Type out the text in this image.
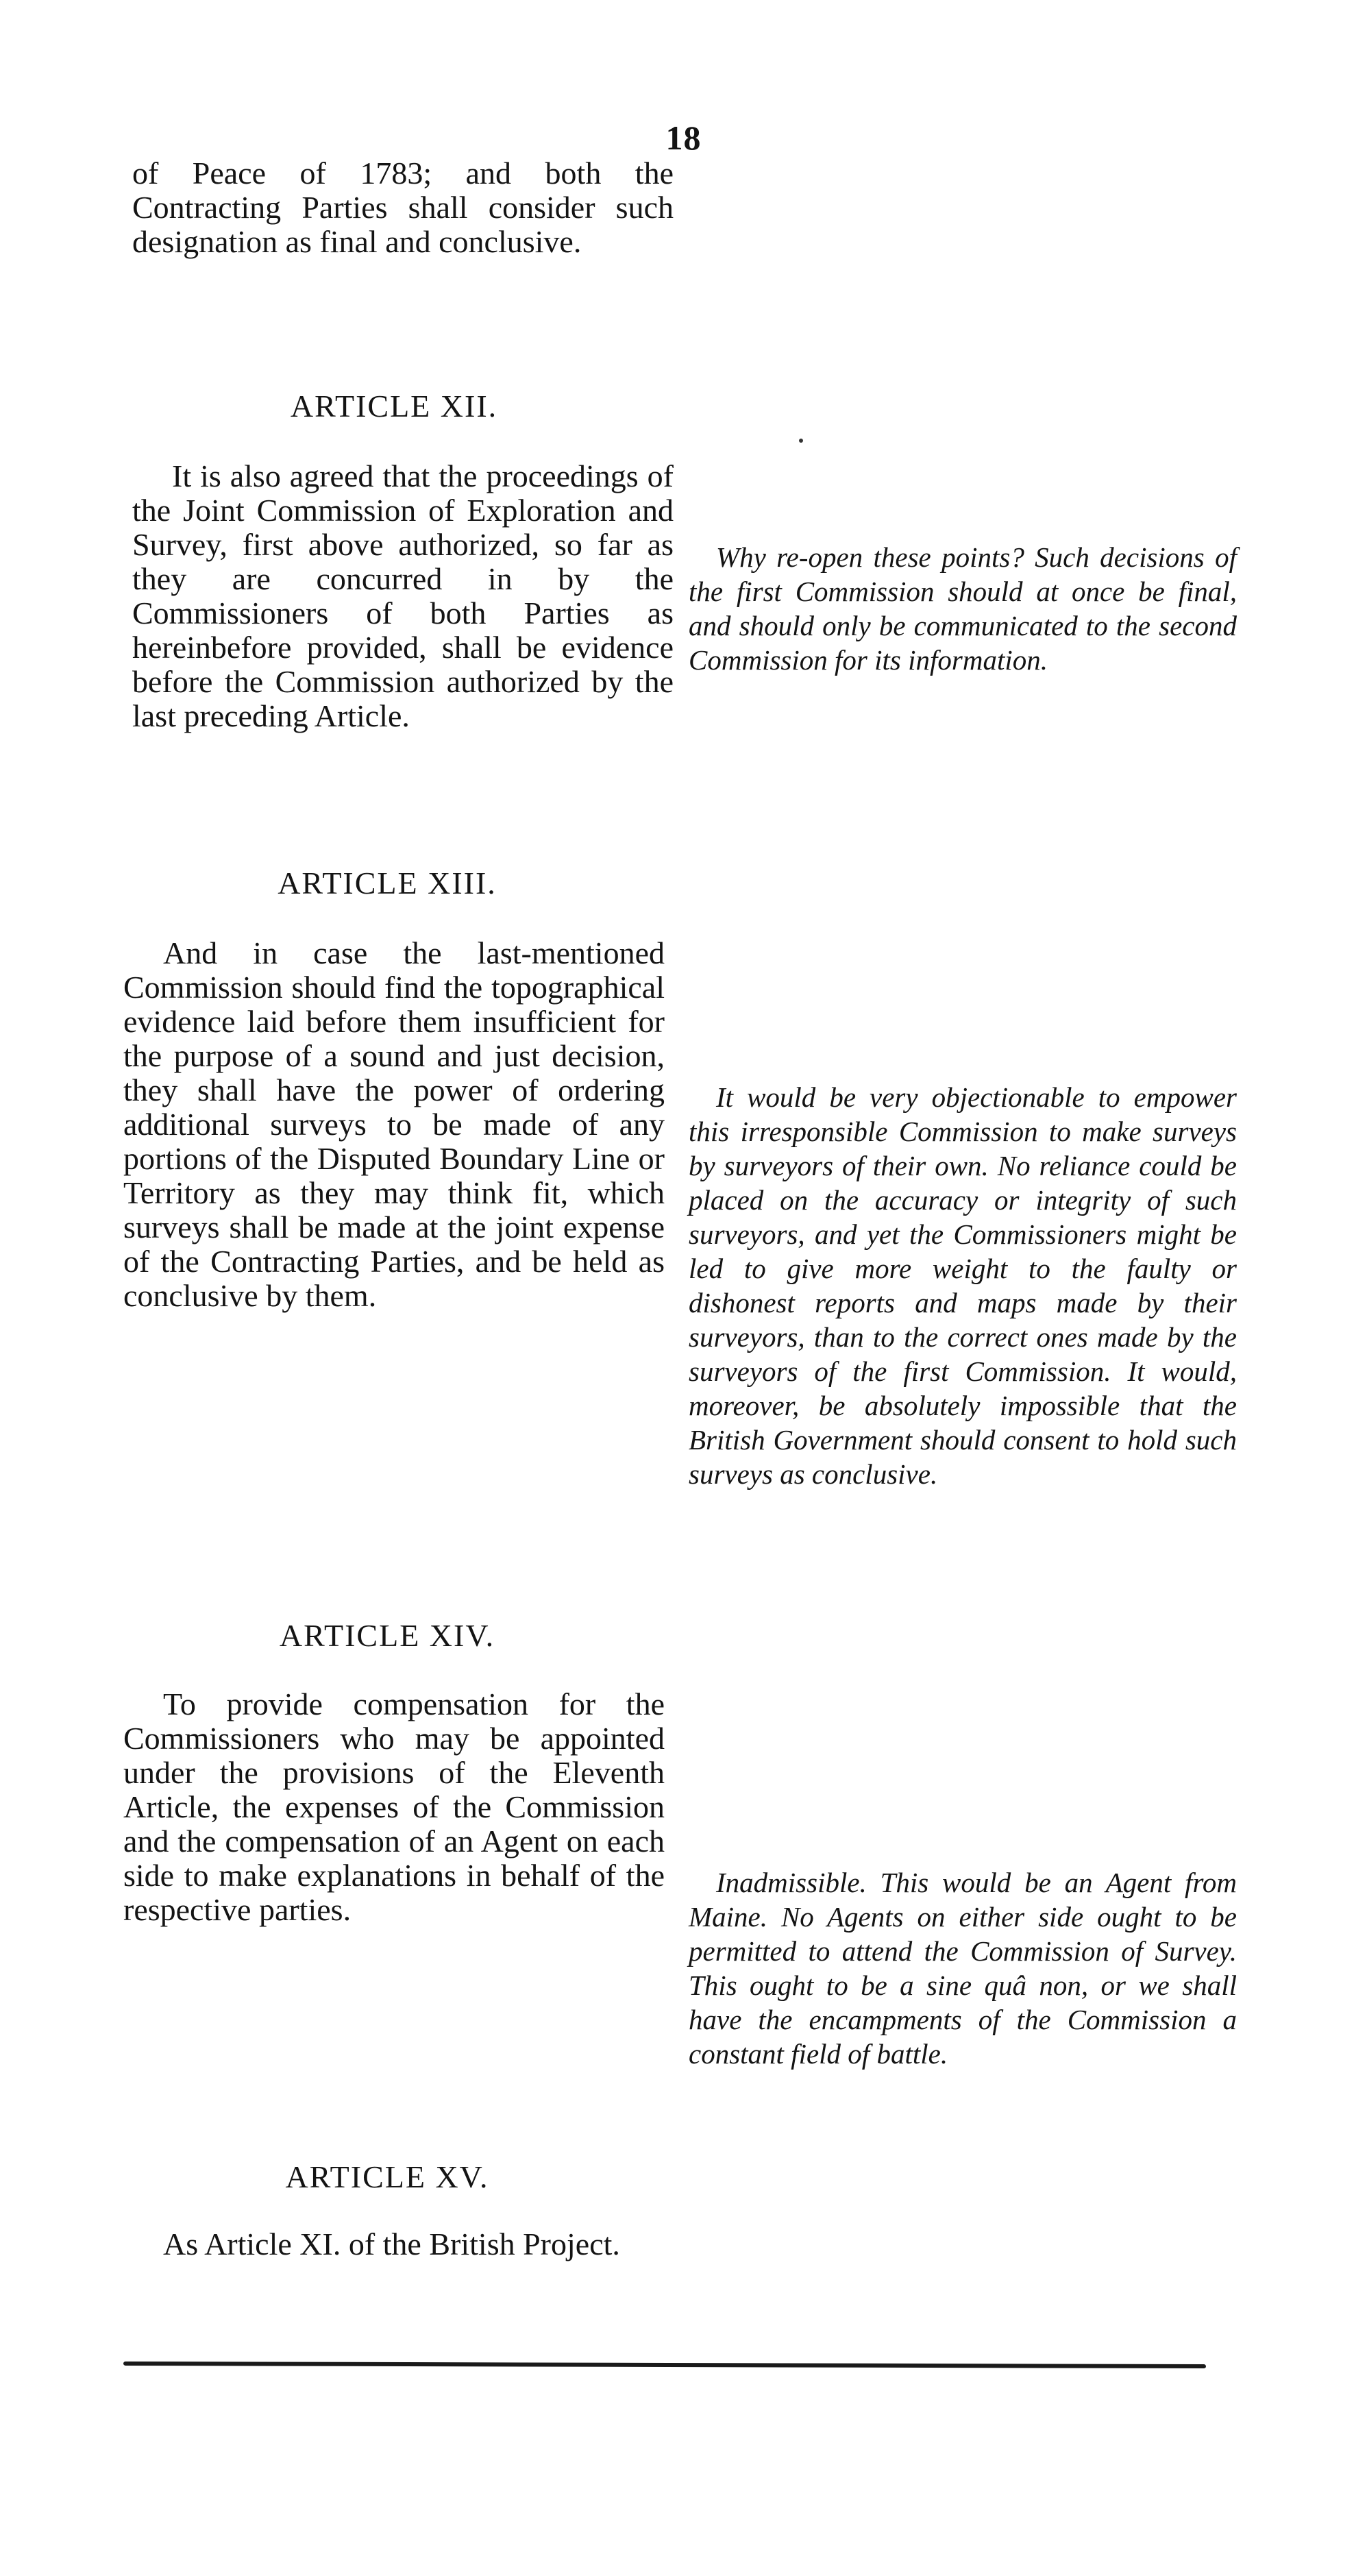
18

of Peace of 1783; and both the Contracting Parties shall consider such designation as final and conclusive.

ARTICLE XII.

It is also agreed that the proceedings of the Joint Commission of Exploration and Survey, first above authorized, so far as they are concurred in by the Commissioners of both Parties as hereinbefore provided, shall be evidence before the Commission authorized by the last preceding Article.

Why re-open these points? Such decisions of the first Commission should at once be final, and should only be communicated to the second Commission for its information.

ARTICLE XIII.

And in case the last-mentioned Commission should find the topographical evidence laid before them insufficient for the purpose of a sound and just decision, they shall have the power of ordering additional surveys to be made of any portions of the Disputed Boundary Line or Territory as they may think fit, which surveys shall be made at the joint expense of the Contracting Parties, and be held as conclusive by them.

It would be very objectionable to empower this irresponsible Commission to make surveys by surveyors of their own. No reliance could be placed on the accuracy or integrity of such surveyors, and yet the Commissioners might be led to give more weight to the faulty or dishonest reports and maps made by their surveyors, than to the correct ones made by the surveyors of the first Commission. It would, moreover, be absolutely impossible that the British Government should consent to hold such surveys as conclusive.

ARTICLE XIV.

To provide compensation for the Commissioners who may be appointed under the provisions of the Eleventh Article, the expenses of the Commission and the compensation of an Agent on each side to make explanations in behalf of the respective parties.

Inadmissible. This would be an Agent from Maine. No Agents on either side ought to be permitted to attend the Commission of Survey. This ought to be a sine quâ non, or we shall have the encampments of the Commission a constant field of battle.

ARTICLE XV.

As Article XI. of the British Project.
